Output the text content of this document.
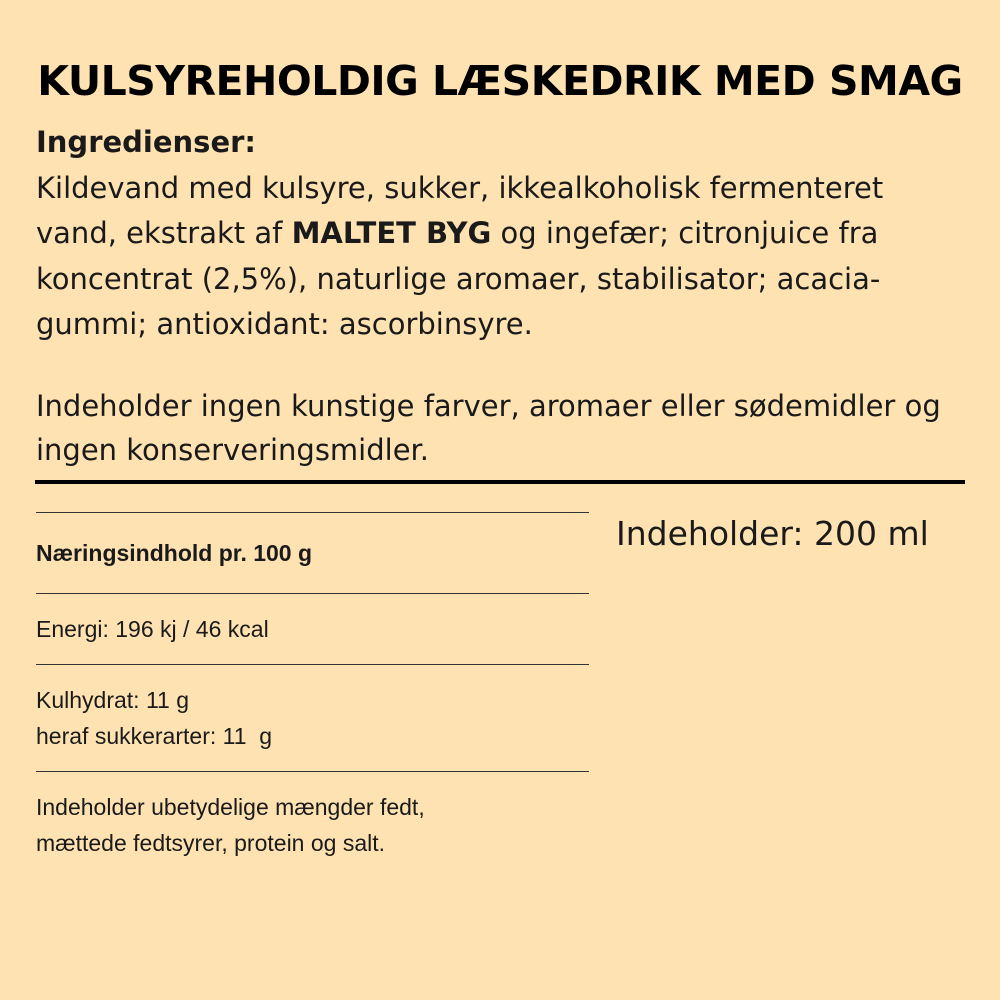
KULSYREHOLDIG LÆSKEDRIK MED SMAG

Ingredienser:

Kildevand med kulsyre, sukker, ikkealkoholisk fermenteret vand, ekstrakt af MALTET BYG og ingefær; citronjuice fra koncentrat (2,5%), naturlige aromaer, stabilisator; acacia-gummi; antioxidant: ascorbinsyre.

Indeholder ingen kunstige farver, aromaer eller sødemidler og ingen konserveringsmidler.
Næringsindhold pr. 100 g
Energi: 196 kj / 46 kcal
Kulhydrat: 11 g
heraf sukkerarter: 11  g
Indeholder ubetydelige mængder fedt,
mættede fedtsyrer, protein og salt.
Indeholder: 200 ml
